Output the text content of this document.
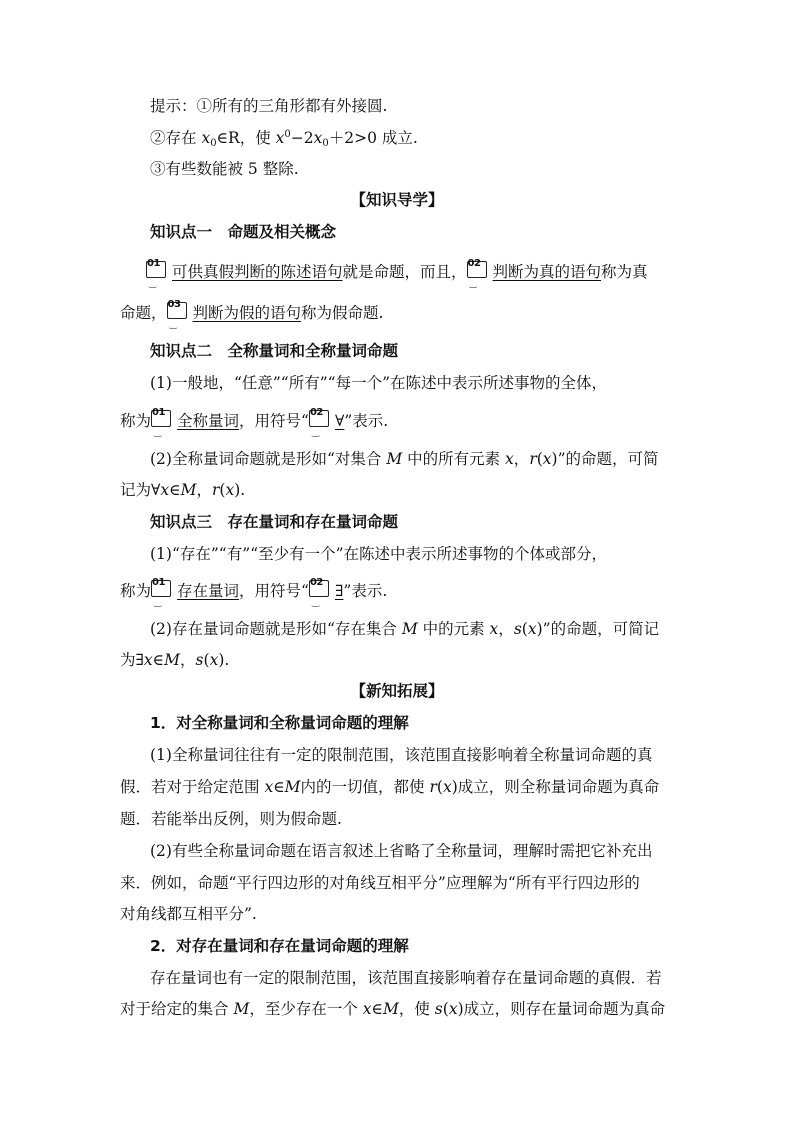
提示：①所有的三角形都有外接圆.
②存在 $x_0\in R$，使 $x^0-2x_0+2>0$ 成立.
③有些数能被 5 整除.
【知识导学】
知识点一　命题及相关概念
01
‿
可供真假判断的陈述语句就是命题，而且， 02
‿
判断为真的语句称为真
命题， 03
‿
判断为假的语句称为假命题.
知识点二　全称量词和全称量词命题
(1)一般地，“任意”“所有”“每一个”在陈述中表示所述事物的全体，
称为 01
‿
全称量词，用符号“ 02
‿
∀”表示.
(2)全称量词命题就是形如“对集合 M 中的所有元素 x，r(x)”的命题，可简
记为∀x∈M，r(x).
知识点三　存在量词和存在量词命题
(1)“存在”“有”“至少有一个”在陈述中表示所述事物的个体或部分，
称为 01
‿
存在量词，用符号“ 02
‿
∃”表示.
(2)存在量词命题就是形如“存在集合 M 中的元素 x，s(x)”的命题，可简记
为∃x∈M，s(x).
【新知拓展】
1．对全称量词和全称量词命题的理解
(1)全称量词往往有一定的限制范围，该范围直接影响着全称量词命题的真
假．若对于给定范围 x∈M内的一切值，都使 r(x)成立，则全称量词命题为真命
题．若能举出反例，则为假命题.
(2)有些全称量词命题在语言叙述上省略了全称量词，理解时需把它补充出
来．例如，命题“平行四边形的对角线互相平分”应理解为“所有平行四边形的
对角线都互相平分”.
2．对存在量词和存在量词命题的理解
存在量词也有一定的限制范围，该范围直接影响着存在量词命题的真假．若
对于给定的集合 M，至少存在一个 x∈M，使 s(x)成立，则存在量词命题为真命
